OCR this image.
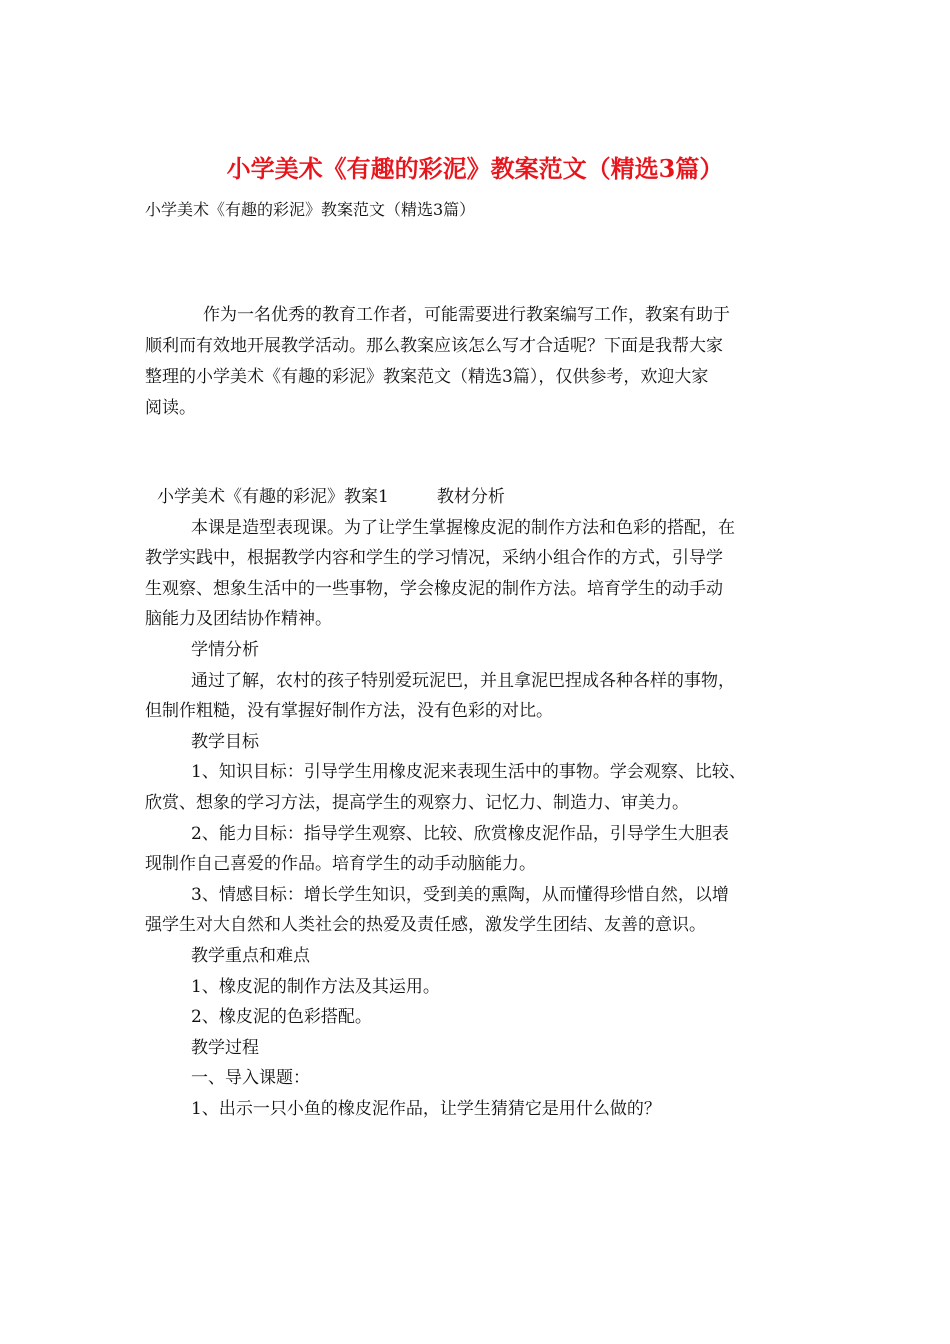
小学美术《有趣的彩泥》教案范文（精选3篇）

小学美术《有趣的彩泥》教案范文（精选3篇）

作为一名优秀的教育工作者，可能需要进行教案编写工作，教案有助于
顺利而有效地开展教学活动。那么教案应该怎么写才合适呢？下面是我帮大家
整理的小学美术《有趣的彩泥》教案范文（精选3篇），仅供参考，欢迎大家
阅读。

小学美术《有趣的彩泥》教案1	教材分析
本课是造型表现课。为了让学生掌握橡皮泥的制作方法和色彩的搭配，在
教学实践中，根据教学内容和学生的学习情况，采纳小组合作的方式，引导学
生观察、想象生活中的一些事物，学会橡皮泥的制作方法。培育学生的动手动
脑能力及团结协作精神。
学情分析
通过了解，农村的孩子特别爱玩泥巴，并且拿泥巴捏成各种各样的事物，
但制作粗糙，没有掌握好制作方法，没有色彩的对比。
教学目标
1、知识目标：引导学生用橡皮泥来表现生活中的事物。学会观察、比较、
欣赏、想象的学习方法，提高学生的观察力、记忆力、制造力、审美力。
2、能力目标：指导学生观察、比较、欣赏橡皮泥作品，引导学生大胆表
现制作自己喜爱的作品。培育学生的动手动脑能力。
3、情感目标：增长学生知识，受到美的熏陶，从而懂得珍惜自然，以增
强学生对大自然和人类社会的热爱及责任感，激发学生团结、友善的意识。
教学重点和难点
1、橡皮泥的制作方法及其运用。
2、橡皮泥的色彩搭配。
教学过程
一、导入课题：
1、出示一只小鱼的橡皮泥作品，让学生猜猜它是用什么做的？
